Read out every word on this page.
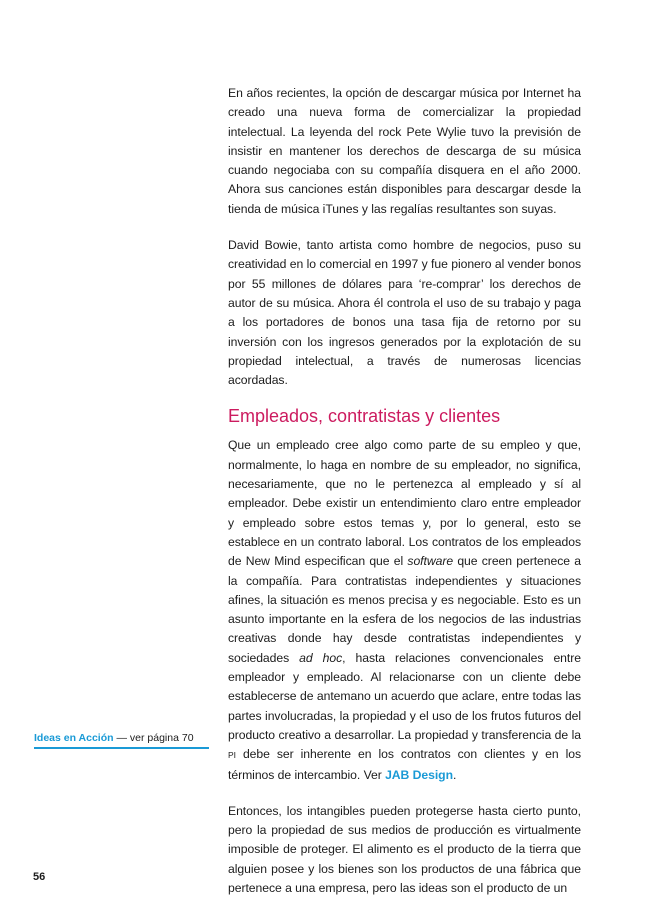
En años recientes, la opción de descargar música por Internet ha creado una nueva forma de comercializar la propiedad intelectual. La leyenda del rock Pete Wylie tuvo la previsión de insistir en mantener los derechos de descarga de su música cuando negociaba con su compañía disquera en el año 2000. Ahora sus canciones están disponibles para descargar desde la tienda de música iTunes y las regalías resultantes son suyas.

David Bowie, tanto artista como hombre de negocios, puso su creatividad en lo comercial en 1997 y fue pionero al vender bonos por 55 millones de dólares para ‘re-comprar’ los derechos de autor de su música. Ahora él controla el uso de su trabajo y paga a los portadores de bonos una tasa fija de retorno por su inversión con los ingresos generados por la explotación de su propiedad intelectual, a través de numerosas licencias acordadas.

Empleados, contratistas y clientes

Que un empleado cree algo como parte de su empleo y que, normalmente, lo haga en nombre de su empleador, no significa, necesariamente, que no le pertenezca al empleado y sí al empleador. Debe existir un entendimiento claro entre empleador y empleado sobre estos temas y, por lo general, esto se establece en un contrato laboral. Los contratos de los empleados de New Mind especifican que el software que creen pertenece a la compañía. Para contratistas independientes y situaciones afines, la situación es menos precisa y es negociable. Esto es un asunto importante en la esfera de los negocios de las industrias creativas donde hay desde contratistas independientes y sociedades ad hoc, hasta relaciones convencionales entre empleador y empleado. Al relacionarse con un cliente debe establecerse de antemano un acuerdo que aclare, entre todas las partes involucradas, la propiedad y el uso de los frutos futuros del producto creativo a desarrollar. La propiedad y transferencia de la PI debe ser inherente en los contratos con clientes y en los términos de intercambio. Ver JAB Design.

Entonces, los intangibles pueden protegerse hasta cierto punto, pero la propiedad de sus medios de producción es virtualmente imposible de proteger. El alimento es el producto de la tierra que alguien posee y los bienes son los productos de una fábrica que pertenece a una empresa, pero las ideas son el producto de un

Ideas en Acción — ver página 70
56
